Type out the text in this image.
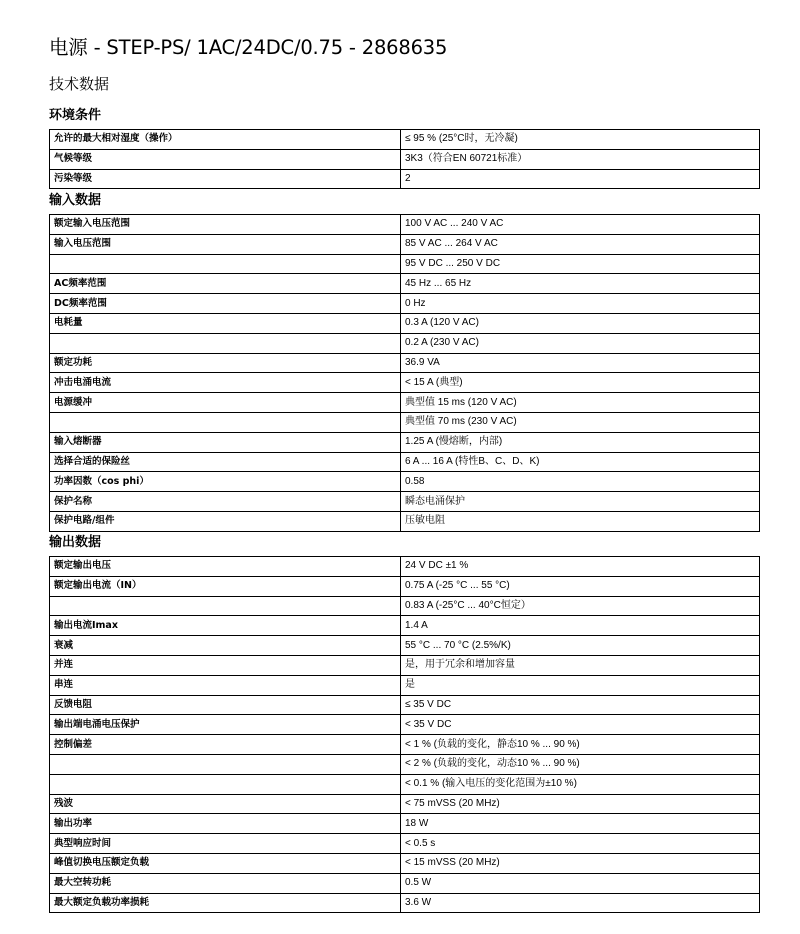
电源 - STEP-PS/ 1AC/24DC/0.75 - 2868635
技术数据
环境条件
允许的最大相对湿度（操作）	≤ 95 % (25°C时，无冷凝)
气候等级	3K3（符合EN 60721标准）
污染等级	2
输入数据
额定输入电压范围	100 V AC ... 240 V AC
输入电压范围	85 V AC ... 264 V AC
	95 V DC ... 250 V DC
AC频率范围	45 Hz ... 65 Hz
DC频率范围	0 Hz
电耗量	0.3 A (120 V AC)
	0.2 A (230 V AC)
额定功耗	36.9 VA
冲击电涌电流	< 15 A (典型)
电源缓冲	典型值 15 ms (120 V AC)
	典型值 70 ms (230 V AC)
输入熔断器	1.25 A (慢熔断，内部)
选择合适的保险丝	6 A ... 16 A (特性B、C、D、K)
功率因数（cos phi）	0.58
保护名称	瞬态电涌保护
保护电路/组件	压敏电阻
输出数据
额定输出电压	24 V DC ±1 %
额定输出电流（IN）	0.75 A (-25 °C ... 55 °C)
	0.83 A (-25°C ... 40°C恒定）
输出电流Imax	1.4 A
衰减	55 °C ... 70 °C (2.5%/K)
并连	是，用于冗余和增加容量
串连	是
反馈电阻	≤ 35 V DC
输出端电涌电压保护	< 35 V DC
控制偏差	< 1 % (负载的变化，静态10 % ... 90 %)
	< 2 % (负载的变化，动态10 % ... 90 %)
	< 0.1 % (输入电压的变化范围为±10 %)
残波	< 75 mVSS (20 MHz)
输出功率	18 W
典型响应时间	< 0.5 s
峰值切换电压额定负载	< 15 mVSS (20 MHz)
最大空转功耗	0.5 W
最大额定负载功率损耗	3.6 W
